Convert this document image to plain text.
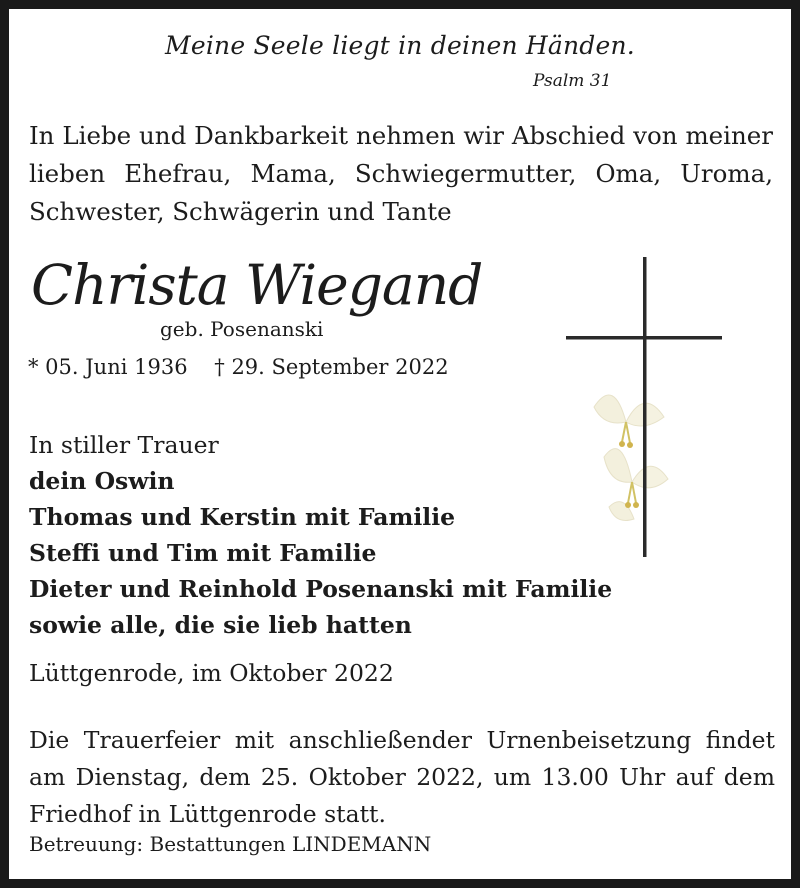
Meine Seele liegt in deinen Händen.
Psalm 31
In Liebe und Dankbarkeit nehmen wir Abschied von meiner lieben Ehefrau, Mama, Schwiegermutter, Oma, Uroma, Schwester, Schwägerin und Tante
Christa Wiegand
geb. Posenanski
* 05. Juni 1936 † 29. September 2022
In stiller Trauer
dein Oswin
Thomas und Kerstin mit Familie
Steffi und Tim mit Familie
Dieter und Reinhold Posenanski mit Familie
sowie alle, die sie lieb hatten
Lüttgenrode, im Oktober 2022
Die Trauerfeier mit anschließender Urnenbeisetzung findet am Dienstag, dem 25. Oktober 2022, um 13.00 Uhr auf dem Friedhof in Lüttgenrode statt.
Betreuung: Bestattungen LINDEMANN
